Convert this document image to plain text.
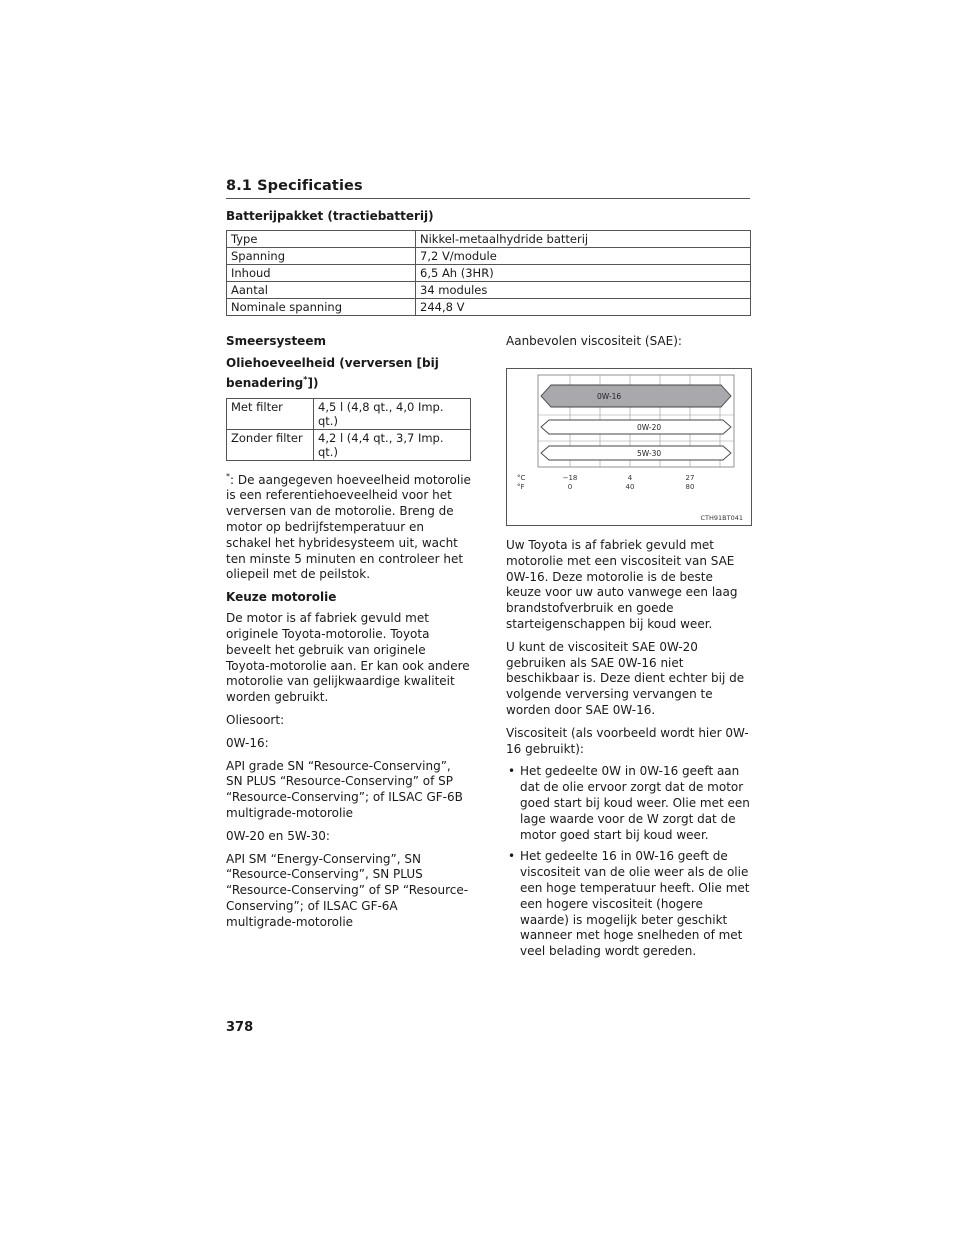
8.1 Specificaties
Batterijpakket (tractiebatterij)
Type	Nikkel-metaalhydride batterij
Spanning	7,2 V/module
Inhoud	6,5 Ah (3HR)
Aantal	34 modules
Nominale spanning	244,8 V
Smeersysteem
Oliehoeveelheid (verversen [bij benadering*])
Met filter	4,5 l (4,8 qt., 4,0 Imp. qt.)
Zonder filter	4,2 l (4,4 qt., 3,7 Imp. qt.)
*: De aangegeven hoeveelheid motorolie is een referentiehoeveelheid voor het verversen van de motorolie. Breng de motor op bedrijfstemperatuur en schakel het hybridesysteem uit, wacht ten minste 5 minuten en controleer het oliepeil met de peilstok.
Keuze motorolie
De motor is af fabriek gevuld met originele Toyota-motorolie. Toyota beveelt het gebruik van originele Toyota-motorolie aan. Er kan ook andere motorolie van gelijkwaardige kwaliteit worden gebruikt.
Oliesoort:
0W-16:
API grade SN “Resource-Conserving”, SN PLUS “Resource-Conserving” of SP “Resource-Conserving”; of ILSAC GF-6B multigrade-motorolie
0W-20 en 5W-30:
API SM “Energy-Conserving”, SN “Resource-Conserving”, SN PLUS “Resource-Conserving” of SP “Resource-Conserving”; of ILSAC GF-6A multigrade-motorolie
Aanbevolen viscositeit (SAE):
0W-16
0W-20
5W-30
°C
°F
−18
0
4
40
27
80
CTH91BT041
Uw Toyota is af fabriek gevuld met motorolie met een viscositeit van SAE 0W-16. Deze motorolie is de beste keuze voor uw auto vanwege een laag brandstofverbruik en goede starteigenschappen bij koud weer.
U kunt de viscositeit SAE 0W-20 gebruiken als SAE 0W-16 niet beschikbaar is. Deze dient echter bij de volgende verversing vervangen te worden door SAE 0W-16.
Viscositeit (als voorbeeld wordt hier 0W-16 gebruikt):
• Het gedeelte 0W in 0W-16 geeft aan dat de olie ervoor zorgt dat de motor goed start bij koud weer. Olie met een lage waarde voor de W zorgt dat de motor goed start bij koud weer.
• Het gedeelte 16 in 0W-16 geeft de viscositeit van de olie weer als de olie een hoge temperatuur heeft. Olie met een hogere viscositeit (hogere waarde) is mogelijk beter geschikt wanneer met hoge snelheden of met veel belading wordt gereden.
378
